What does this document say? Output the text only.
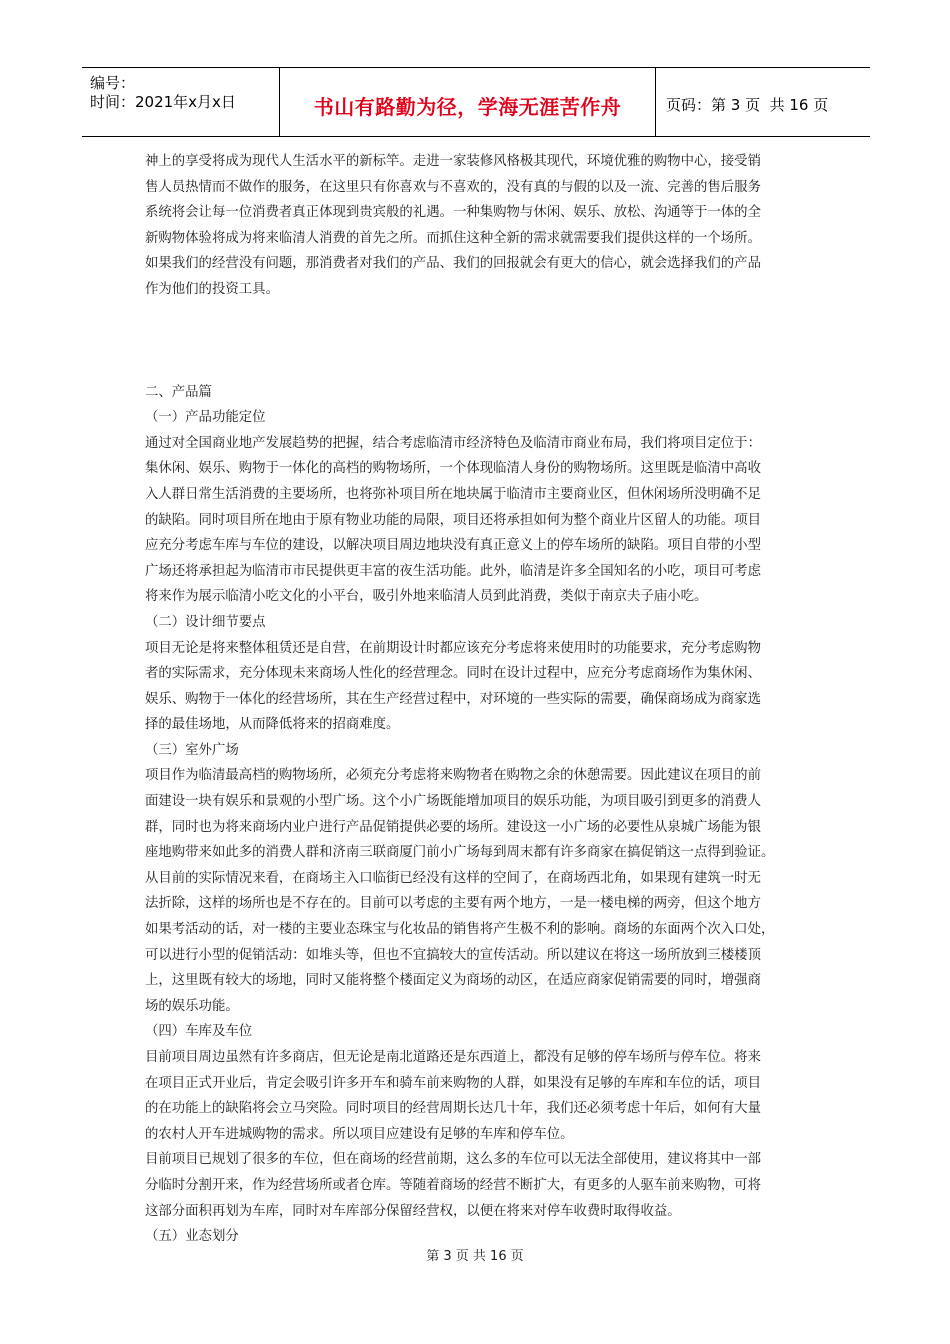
编号：
时间：2021年x月x日	书山有路勤为径，学海无涯苦作舟	页码：第 3 页  共 16 页

神上的享受将成为现代人生活水平的新标竿。走进一家装修风格极其现代，环境优雅的购物中心，接受销

售人员热情而不做作的服务，在这里只有你喜欢与不喜欢的，没有真的与假的以及一流、完善的售后服务

系统将会让每一位消费者真正体现到贵宾般的礼遇。一种集购物与休闲、娱乐、放松、沟通等于一体的全

新购物体验将成为将来临清人消费的首先之所。而抓住这种全新的需求就需要我们提供这样的一个场所。

如果我们的经营没有问题，那消费者对我们的产品、我们的回报就会有更大的信心，就会选择我们的产品

作为他们的投资工具。

二、产品篇

（一）产品功能定位

通过对全国商业地产发展趋势的把握，结合考虑临清市经济特色及临清市商业布局，我们将项目定位于：

集休闲、娱乐、购物于一体化的高档的购物场所，一个体现临清人身份的购物场所。这里既是临清中高收

入人群日常生活消费的主要场所，也将弥补项目所在地块属于临清市主要商业区，但休闲场所没明确不足

的缺陷。同时项目所在地由于原有物业功能的局限，项目还将承担如何为整个商业片区留人的功能。项目

应充分考虑车库与车位的建设，以解决项目周边地块没有真正意义上的停车场所的缺陷。项目自带的小型

广场还将承担起为临清市市民提供更丰富的夜生活功能。此外，临清是许多全国知名的小吃，项目可考虑

将来作为展示临清小吃文化的小平台，吸引外地来临清人员到此消费，类似于南京夫子庙小吃。

（二）设计细节要点

项目无论是将来整体租赁还是自营，在前期设计时都应该充分考虑将来使用时的功能要求，充分考虑购物

者的实际需求，充分体现未来商场人性化的经营理念。同时在设计过程中，应充分考虑商场作为集休闲、

娱乐、购物于一体化的经营场所，其在生产经营过程中，对环境的一些实际的需要，确保商场成为商家选

择的最佳场地，从而降低将来的招商难度。

（三）室外广场

项目作为临清最高档的购物场所，必须充分考虑将来购物者在购物之余的休憩需要。因此建议在项目的前

面建设一块有娱乐和景观的小型广场。这个小广场既能增加项目的娱乐功能，为项目吸引到更多的消费人

群，同时也为将来商场内业户进行产品促销提供必要的场所。建设这一小广场的必要性从泉城广场能为银

座地购带来如此多的消费人群和济南三联商厦门前小广场每到周末都有许多商家在搞促销这一点得到验证。

从目前的实际情况来看，在商场主入口临街已经没有这样的空间了，在商场西北角，如果现有建筑一时无

法折除，这样的场所也是不存在的。目前可以考虑的主要有两个地方，一是一楼电梯的两旁，但这个地方

如果考活动的话，对一楼的主要业态珠宝与化妆品的销售将产生极不利的影响。商场的东面两个次入口处，

可以进行小型的促销活动：如堆头等，但也不宜搞较大的宣传活动。所以建议在将这一场所放到三楼楼顶

上，这里既有较大的场地，同时又能将整个楼面定义为商场的动区，在适应商家促销需要的同时，增强商

场的娱乐功能。

（四）车库及车位

目前项目周边虽然有许多商店，但无论是南北道路还是东西道上，都没有足够的停车场所与停车位。将来

在项目正式开业后，肯定会吸引许多开车和骑车前来购物的人群，如果没有足够的车库和车位的话，项目

的在功能上的缺陷将会立马突险。同时项目的经营周期长达几十年，我们还必须考虑十年后，如何有大量

的农村人开车进城购物的需求。所以项目应建设有足够的车库和停车位。

目前项目已规划了很多的车位，但在商场的经营前期，这么多的车位可以无法全部使用，建议将其中一部

分临时分割开来，作为经营场所或者仓库。等随着商场的经营不断扩大，有更多的人驱车前来购物，可将

这部分面积再划为车库，同时对车库部分保留经营权，以便在将来对停车收费时取得收益。

（五）业态划分

第 3 页 共 16 页
